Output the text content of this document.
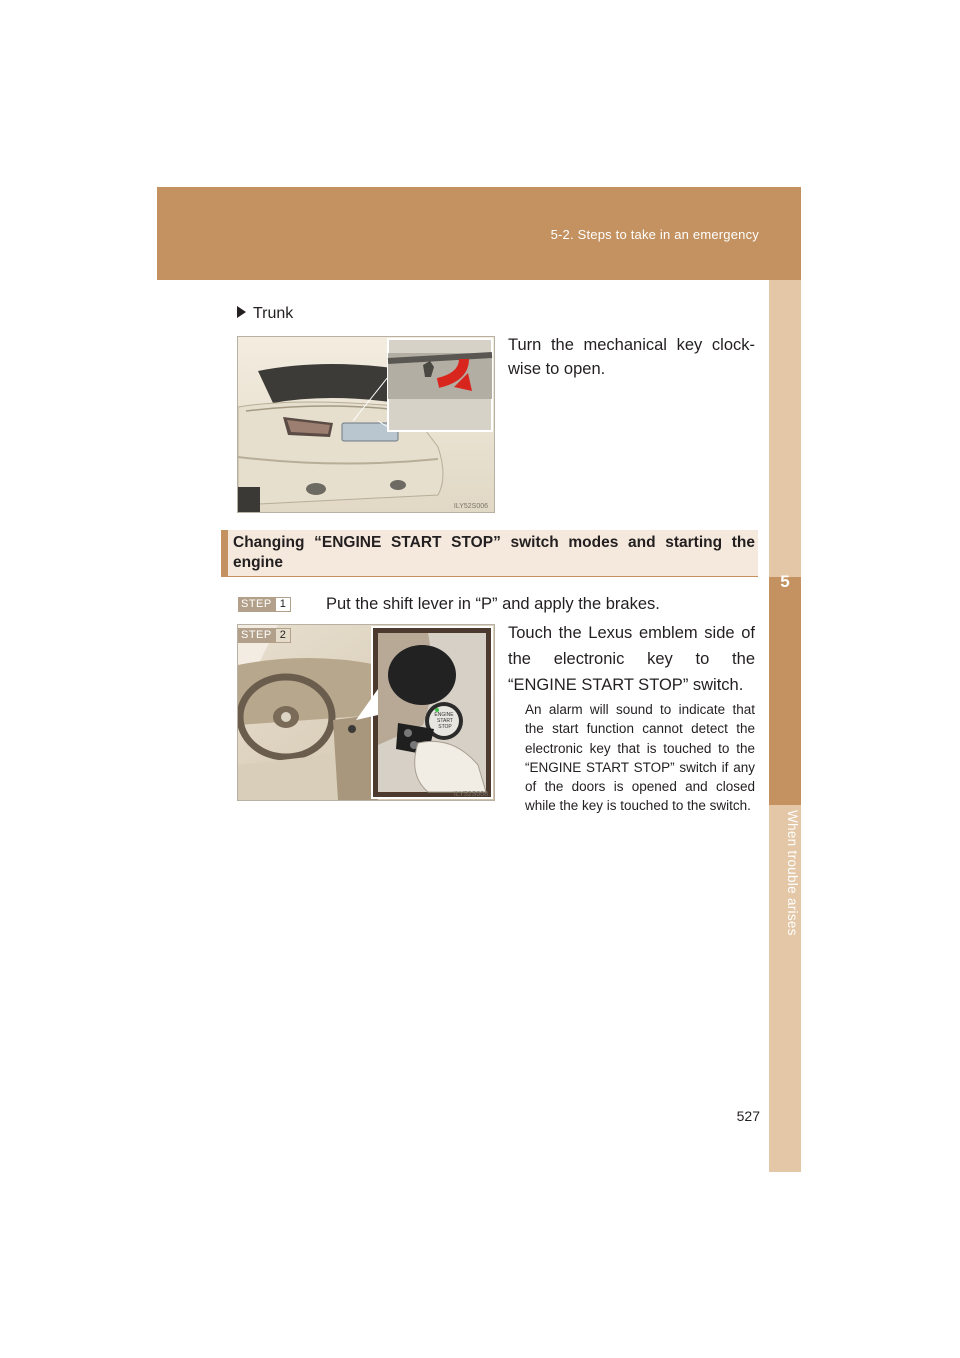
5-2. Steps to take in an emergency
5
When trouble arises
Trunk
ILY52S006
Turn the mechanical key clock-wise to open.
Changing “ENGINE START STOP” switch modes and starting the engine
STEP 1	Put the shift lever in “P” and apply the brakes.
ENGINE
START
STOP
ILY52S008
STEP 2	Touch the Lexus emblem side of the electronic key to the “ENGINE START STOP” switch.
An alarm will sound to indicate that the start function cannot detect the electronic key that is touched to the “ENGINE START STOP” switch if any of the doors is opened and closed while the key is touched to the switch.
527
